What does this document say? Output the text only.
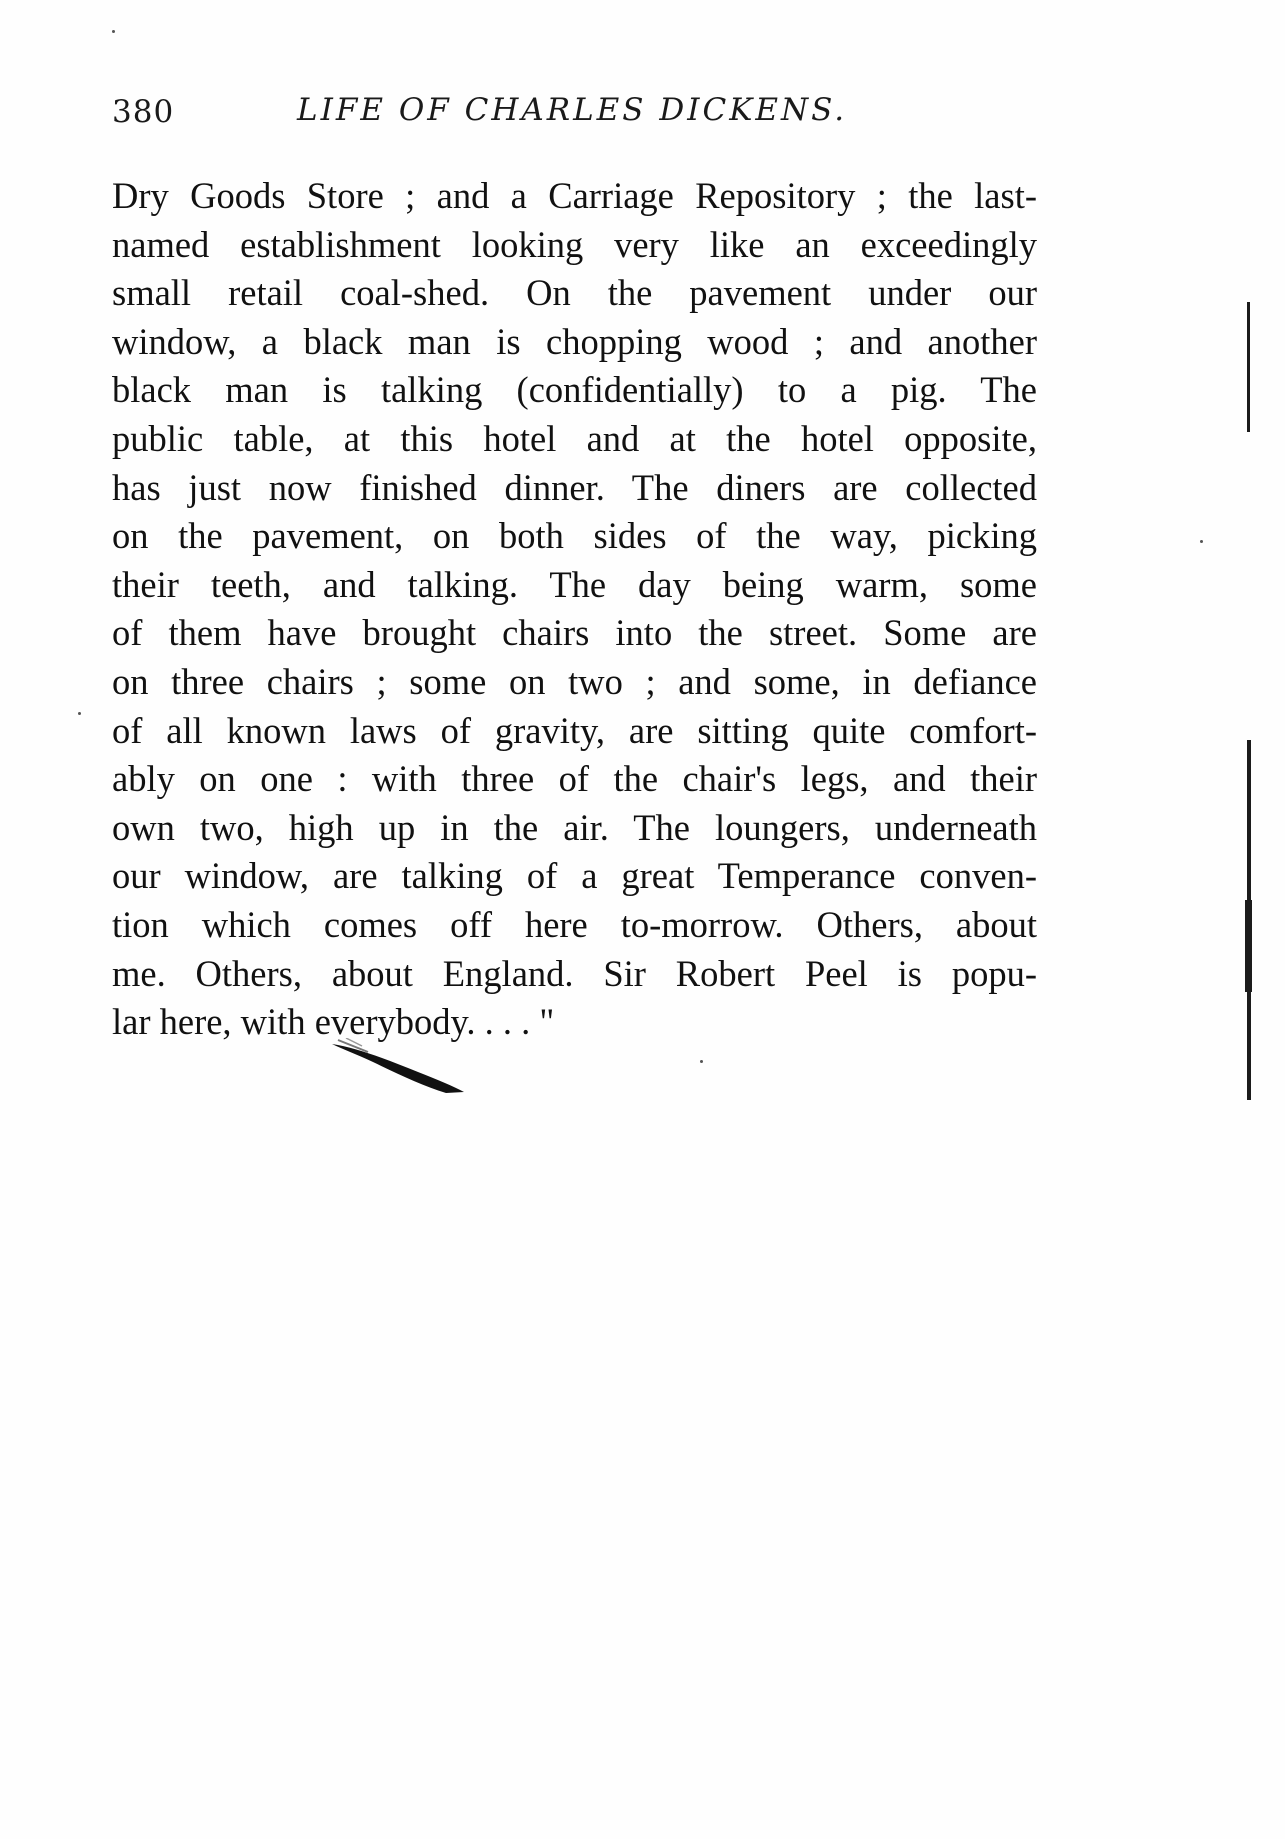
380	LIFE OF CHARLES DICKENS.
Dry Goods Store ; and a Carriage Repository ; the last-
named establishment looking very like an exceedingly
small retail coal-shed. On the pavement under our
window, a black man is chopping wood ; and another
black man is talking (confidentially) to a pig. The
public table, at this hotel and at the hotel opposite,
has just now finished dinner. The diners are collected
on the pavement, on both sides of the way, picking
their teeth, and talking. The day being warm, some
of them have brought chairs into the street. Some are
on three chairs ; some on two ; and some, in defiance
of all known laws of gravity, are sitting quite comfort-
ably on one : with three of the chair's legs, and their
own two, high up in the air. The loungers, underneath
our window, are talking of a great Temperance conven-
tion which comes off here to-morrow. Others, about
me. Others, about England. Sir Robert Peel is popu-
lar here, with everybody. . . . "
